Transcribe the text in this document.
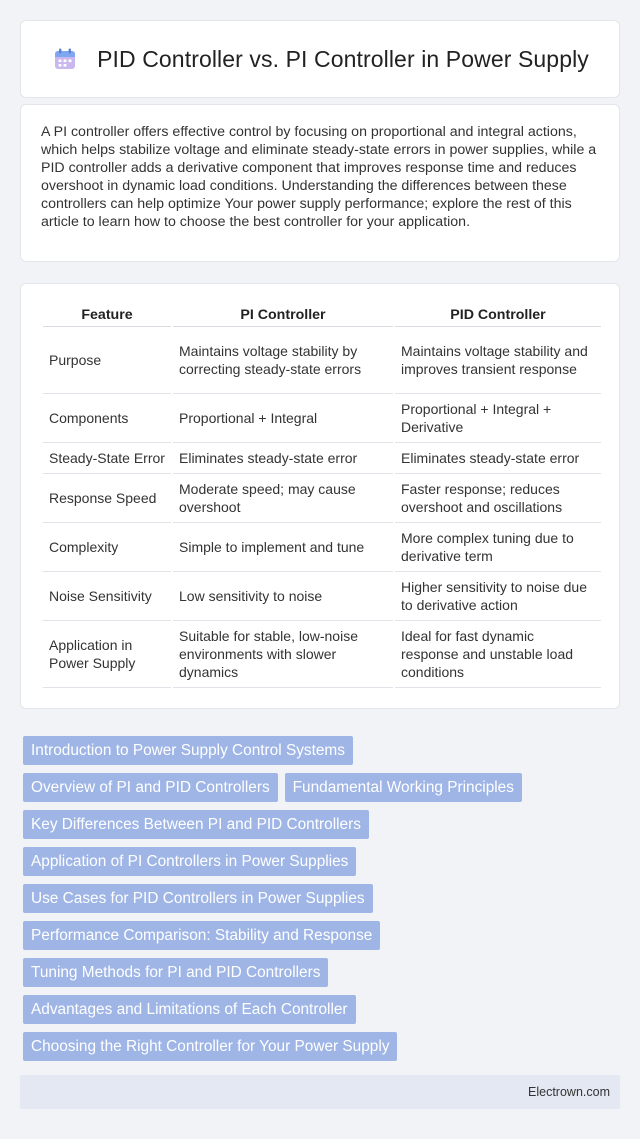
PID Controller vs. PI Controller in Power Supply

A PI controller offers effective control by focusing on proportional and integral actions, which helps stabilize voltage and eliminate steady-state errors in power supplies, while a PID controller adds a derivative component that improves response time and reduces overshoot in dynamic load conditions. Understanding the differences between these controllers can help optimize Your power supply performance; explore the rest of this article to learn how to choose the best controller for your application.

Feature	PI Controller	PID Controller
Purpose	Maintains voltage stability by correcting steady-state errors	Maintains voltage stability and improves transient response
Components	Proportional + Integral	Proportional + Integral + Derivative
Steady-State Error	Eliminates steady-state error	Eliminates steady-state error
Response Speed	Moderate speed; may cause overshoot	Faster response; reduces overshoot and oscillations
Complexity	Simple to implement and tune	More complex tuning due to derivative term
Noise Sensitivity	Low sensitivity to noise	Higher sensitivity to noise due to derivative action
Application in Power Supply	Suitable for stable, low-noise environments with slower dynamics	Ideal for fast dynamic response and unstable load conditions
Introduction to Power Supply Control Systems
Overview of PI and PID Controllers	Fundamental Working Principles
Key Differences Between PI and PID Controllers
Application of PI Controllers in Power Supplies
Use Cases for PID Controllers in Power Supplies
Performance Comparison: Stability and Response
Tuning Methods for PI and PID Controllers
Advantages and Limitations of Each Controller
Choosing the Right Controller for Your Power Supply
Electrown.com
